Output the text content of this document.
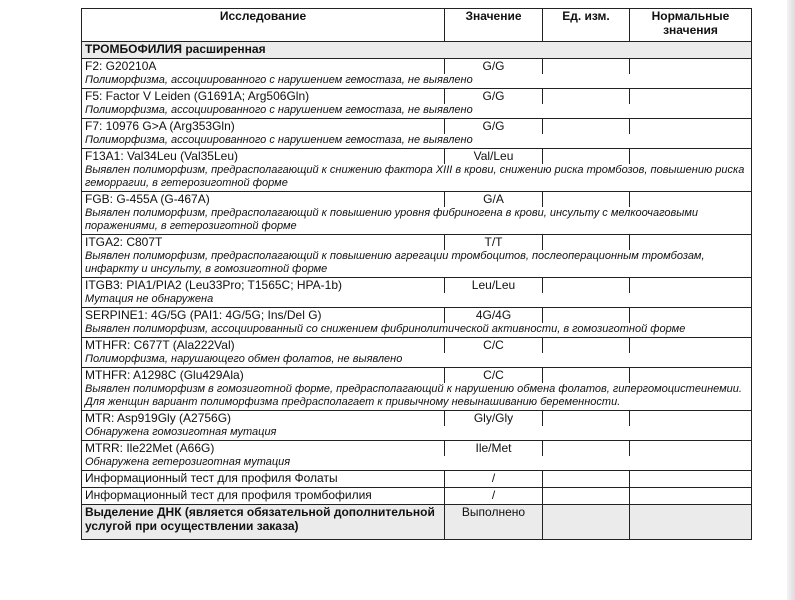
Исследование	Значение	Ед. изм.	Нормальные значения
ТРОМБОФИЛИЯ расширенная			
F2: G20210A	G/G		
Полиморфизма, ассоциированного с нарушением гемостаза, не выявлено			
F5: Factor V Leiden (G1691A; Arg506Gln)	G/G		
Полиморфизма, ассоциированного с нарушением гемостаза, не выявлено			
F7: 10976 G>A (Arg353Gln)	G/G		
Полиморфизма, ассоциированного с нарушением гемостаза, не выявлено			
F13A1: Val34Leu (Val35Leu)	Val/Leu		
Выявлен полиморфизм, предрасполагающий к снижению фактора XIII в крови, снижению риска тромбозов, повышению риска геморрагии, в гетерозиготной форме			
FGB: G-455A (G-467A)	G/A		
Выявлен полиморфизм, предрасполагающий к повышению уровня фибриногена в крови, инсульту с мелкоочаговыми поражениями, в гетерозиготной форме			
ITGA2: C807T	T/T		
Выявлен полиморфизм, предрасполагающий к повышению агрегации тромбоцитов, послеоперационным тромбозам, инфаркту и инсульту, в гомозиготной форме			
ITGB3: PIA1/PIA2 (Leu33Pro; T1565C; HPA-1b)	Leu/Leu		
Мутация не обнаружена			
SERPINE1: 4G/5G (PAI1: 4G/5G; Ins/Del G)	4G/4G		
Выявлен полиморфизм, ассоциированный со снижением фибринолитической активности, в гомозиготной форме			
MTHFR: C677T (Ala222Val)	C/C		
Полиморфизма, нарушающего обмен фолатов, не выявлено			
MTHFR: A1298C (Glu429Ala)	C/C		
Выявлен полиморфизм в гомозиготной форме, предрасполагающий к нарушению обмена фолатов, гипергомоцистеинемии. Для женщин вариант полиморфизма предрасполагает к привычному невынашиванию беременности.			
MTR: Asp919Gly (A2756G)	Gly/Gly		
Обнаружена гомозиготная мутация			
MTRR: Ile22Met (A66G)	Ile/Met		
Обнаружена гетерозиготная мутация			
Информационный тест для профиля Фолаты	/		
Информационный тест для профиля тромбофилия	/		
Выделение ДНК (является обязательной дополнительной услугой при осуществлении заказа)	Выполнено		
